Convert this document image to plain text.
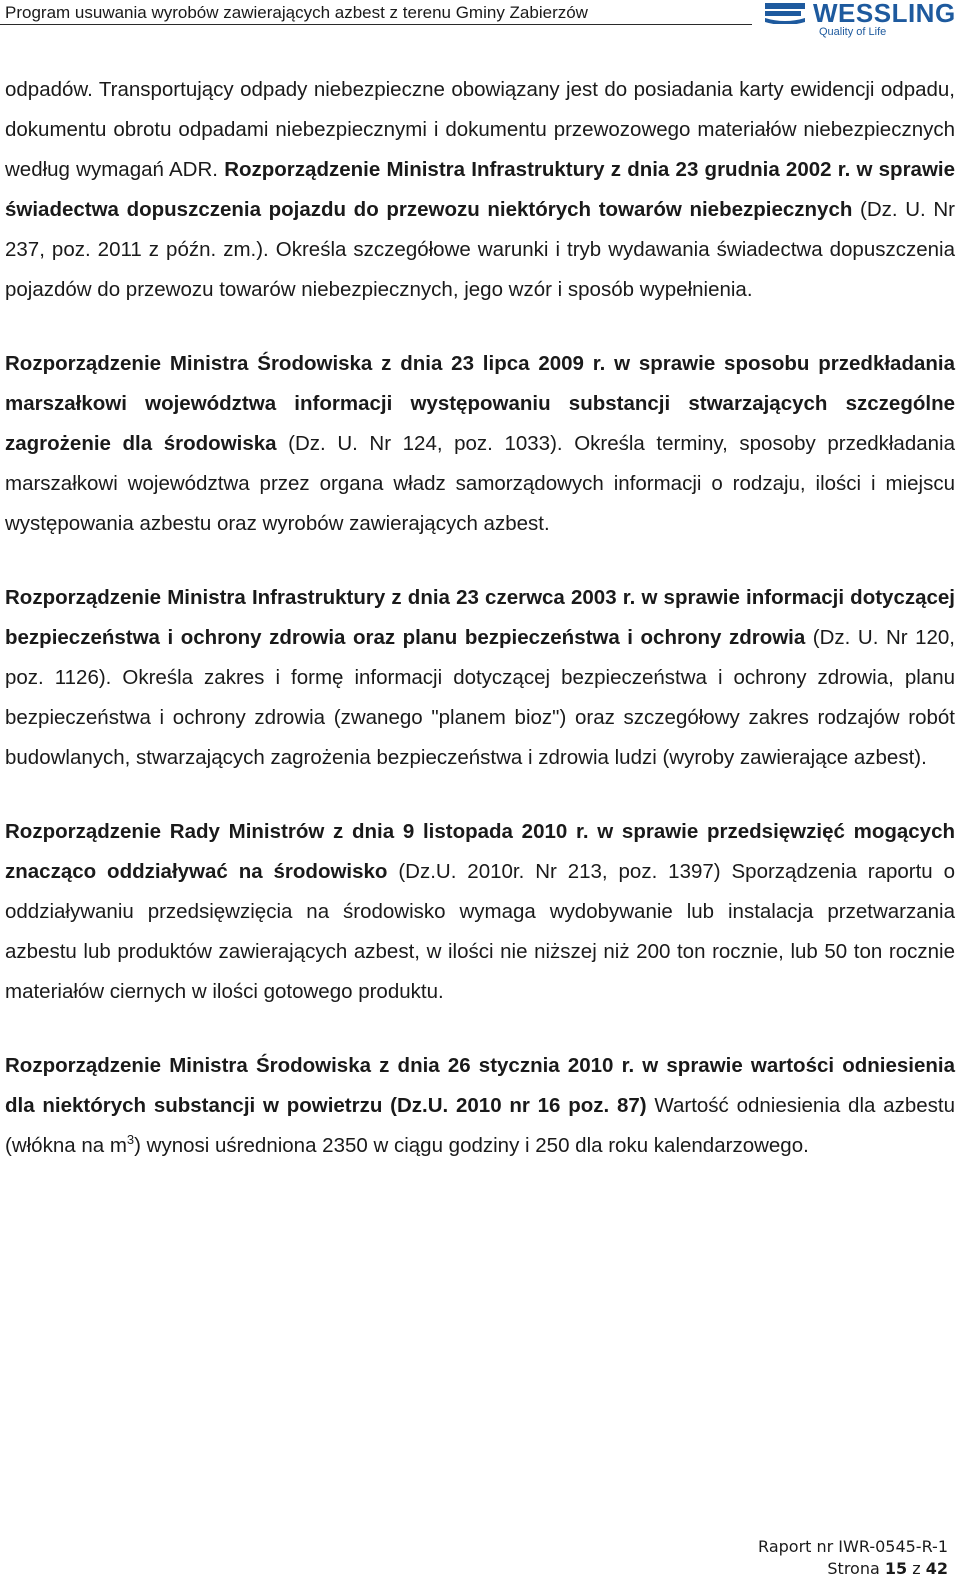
Program usuwania wyrobów zawierających azbest z terenu Gminy Zabierzów	WESSLING
Quality of Life

odpadów. Transportujący odpady niebezpieczne obowiązany jest do posiadania karty ewidencji odpadu, dokumentu obrotu odpadami niebezpiecznymi i dokumentu przewozowego materiałów niebezpiecznych według wymagań ADR. Rozporządzenie Ministra Infrastruktury z dnia 23 grudnia 2002 r. w sprawie świadectwa dopuszczenia pojazdu do przewozu niektórych towarów niebezpiecznych (Dz. U. Nr 237, poz. 2011 z późn. zm.). Określa szczegółowe warunki i tryb wydawania świadectwa dopuszczenia pojazdów do przewozu towarów niebezpiecznych, jego wzór i sposób wypełnienia.

Rozporządzenie Ministra Środowiska z dnia 23 lipca 2009 r. w sprawie sposobu przedkładania marszałkowi województwa informacji występowaniu substancji stwarzających szczególne zagrożenie dla środowiska (Dz. U. Nr 124, poz. 1033). Określa terminy, sposoby przedkładania marszałkowi województwa przez organa władz samorządowych informacji o rodzaju, ilości i miejscu występowania azbestu oraz wyrobów zawierających azbest.

Rozporządzenie Ministra Infrastruktury z dnia 23 czerwca 2003 r. w sprawie informacji dotyczącej bezpieczeństwa i ochrony zdrowia oraz planu bezpieczeństwa i ochrony zdrowia (Dz. U. Nr 120, poz. 1126). Określa zakres i formę informacji dotyczącej bezpieczeństwa i ochrony zdrowia, planu bezpieczeństwa i ochrony zdrowia (zwanego "planem bioz") oraz szczegółowy zakres rodzajów robót budowlanych, stwarzających zagrożenia bezpieczeństwa i zdrowia ludzi (wyroby zawierające azbest).

Rozporządzenie Rady Ministrów z dnia 9 listopada 2010 r. w sprawie przedsięwzięć mogących znacząco oddziaływać na środowisko (Dz.U. 2010r. Nr 213, poz. 1397) Sporządzenia raportu o oddziaływaniu przedsięwzięcia na środowisko wymaga wydobywanie lub instalacja przetwarzania azbestu lub produktów zawierających azbest, w ilości nie niższej niż 200 ton rocznie, lub 50 ton rocznie materiałów ciernych w ilości gotowego produktu.

Rozporządzenie Ministra Środowiska z dnia 26 stycznia 2010 r. w sprawie wartości odniesienia dla niektórych substancji w powietrzu (Dz.U. 2010 nr 16 poz. 87) Wartość odniesienia dla azbestu (włókna na $m^3$) wynosi uśredniona 2350 w ciągu godziny i 250 dla roku kalendarzowego.

Raport nr IWR-0545-R-1
Strona 15 z 42
